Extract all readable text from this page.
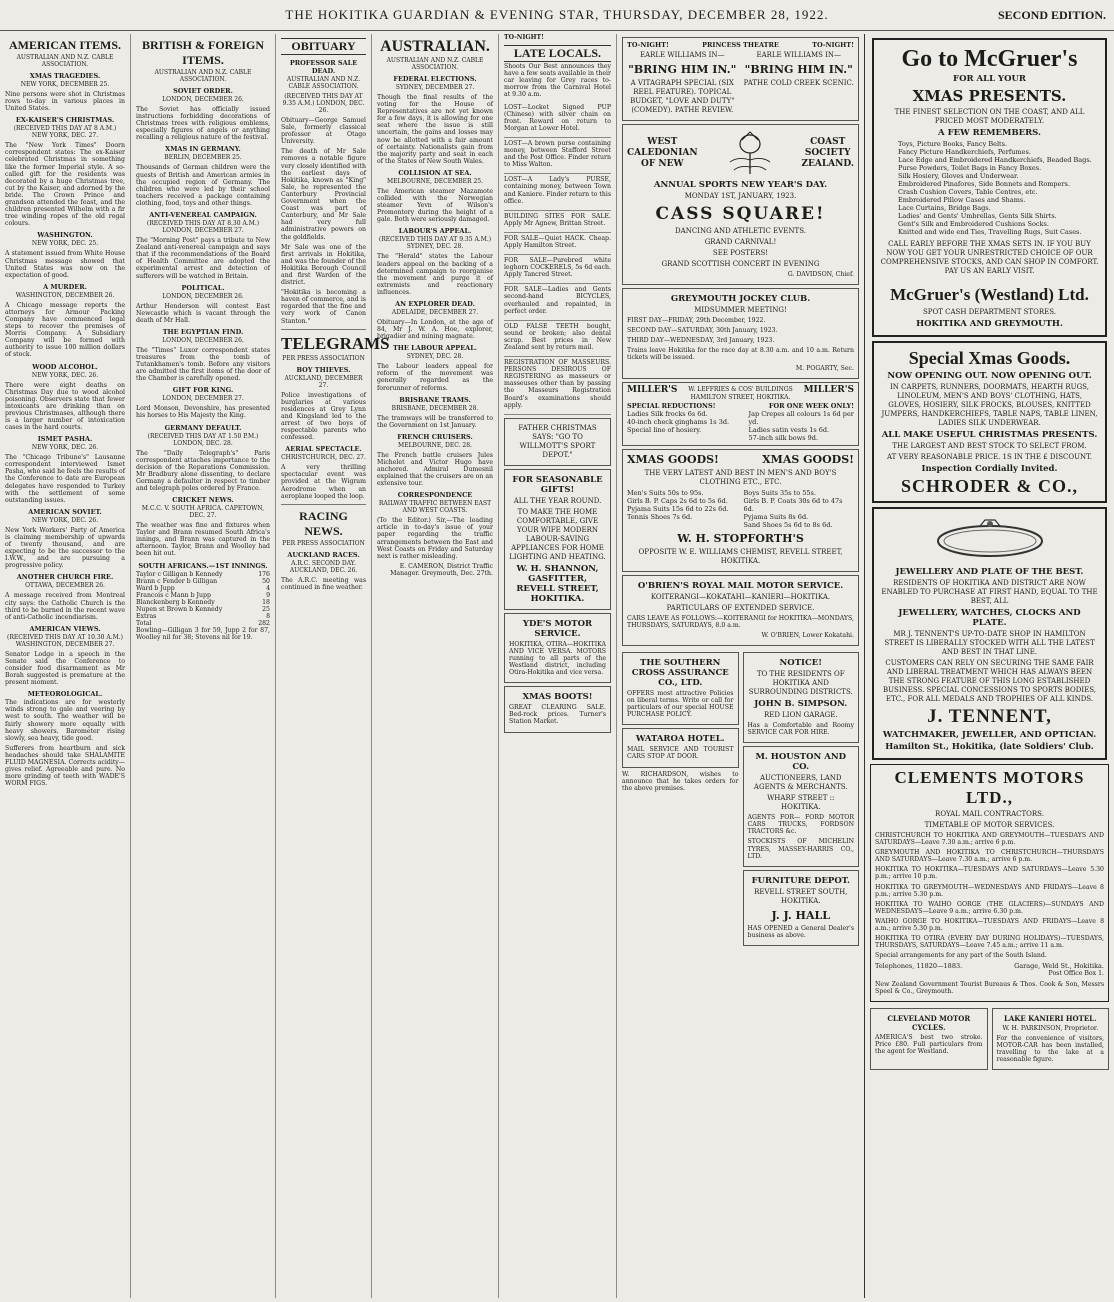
THE HOKITIKA GUARDIAN & EVENING STAR, THURSDAY, DECEMBER 28, 1922.	SECOND EDITION.
AMERICAN ITEMS.
AUSTRALIAN AND N.Z. CABLE ASSOCIATION.
XMAS TRAGEDIES.
NEW YORK, DECEMBER 25.
Nine persons were shot in Christmas rows to-day in various places in United States.
EX-KAISER'S CHRISTMAS.
(RECEIVED THIS DAY AT 8 A.M.) NEW YORK, DEC. 27.
The "New York Times" Doorn correspondent states: The ex-Kaiser celebrated Christmas in something like the former Imperial style. A so-called gift for the residents was decorated by a huge Christmas tree, cut by the Kaiser, and adorned by the bride. The Crown Prince and grandson attended the feast, and the children presented Wilhelm with a fir tree winding ropes of the old regal colours.
WASHINGTON.
NEW YORK, DEC. 25.
A statement issued from White House Christmas message showed that United States was now on the expectation of good.
A MURDER.
WASHINGTON, DECEMBER 26.
A Chicago message reports the attorneys for Armour Packing Company have commenced legal steps to recover the premises of Morris Company. A Subsidiary Company will be formed with authority to issue 100 million dollars of stock.
WOOD ALCOHOL.
NEW YORK, DEC. 26.
There were eight deaths on Christmas Day due to wood alcohol poisoning. Observers state that fewer intoxicants are drinking than on previous Christmases, although there is a larger number of intoxication cases in the hard courts.
ISMET PASHA.
NEW YORK, DEC. 26.
The "Chicago Tribune's" Lausanne correspondent interviewed Ismet Pasha, who said he feels the results of the Conference to date are European delegates have responded to Turkey with the settlement of some outstanding issues.
AMERICAN SOVIET.
NEW YORK, DEC. 26.
New York Workers' Party of America is claiming membership of upwards of twenty thousand, and are expecting to be the successor to the I.W.W., and are pursuing a progressive policy.
ANOTHER CHURCH FIRE.
OTTAWA, DECEMBER 26.
A message received from Montreal city says: the Catholic Church is the third to be burned in the recent wave of anti-Catholic incendiarism.
AMERICAN VIEWS.
(RECEIVED THIS DAY AT 10.30 A.M.) WASHINGTON, DECEMBER 27.
Senator Lodge in a speech in the Senate said the Conference to consider food disarmament as Mr Borah suggested is premature at the present moment.
METEOROLOGICAL.
The indications are for westerly winds strong to gale and veering by west to south. The weather will be fairly showery more equally with heavy showers. Barometer rising slowly, sea heavy, tide good.
Sufferers from heartburn and sick headaches should take SHALAMITE FLUID MAGNESIA. Corrects acidity—gives relief. Agreeable and pure. No more grinding of teeth with WADE'S WORM FIGS.
BRITISH & FOREIGN ITEMS.
AUSTRALIAN AND N.Z. CABLE ASSOCIATION.
SOVIET ORDER.
LONDON, DECEMBER 26.
The Soviet has officially issued instructions forbidding decorations of Christmas trees with religious emblems, especially figures of angels or anything recalling a religious nature of the festival.
XMAS IN GERMANY.
BERLIN, DECEMBER 25.
Thousands of German children were the guests of British and American armies in the occupied region of Germany. The children who were led by their school teachers received a package containing clothing, food, toys and other things.
ANTI-VENEREAL CAMPAIGN.
(RECEIVED THIS DAY AT 8.30 A.M.) LONDON, DECEMBER 27.
The "Morning Post" pays a tribute to New Zealand anti-venereal campaign and says that if the recommendations of the Board of Health Committee are adopted the experimental arrest and detection of sufferers will be watched in Britain.
POLITICAL.
LONDON, DECEMBER 26.
Arthur Henderson will contest East Newcastle which is vacant through the death of Mr Hall.
THE EGYPTIAN FIND.
LONDON, DECEMBER 26.
The "Times" Luxor correspondent states treasures from the tomb of Tutankhamen's tomb. Before any visitors are admitted the first items of the door of the Chamber is carefully opened.
GIFT FOR KING.
LONDON, DECEMBER 27.
Lord Monson, Devonshire, has presented his horses to His Majesty the King.
GERMANY DEFAULT.
(RECEIVED THIS DAY AT 1.50 P.M.) LONDON, DEC. 28.
The "Daily Telegraph's" Paris correspondent attaches importance to the decision of the Reparations Commission. Mr Bradbury alone dissenting, to declare Germany a defaulter in respect to timber and telegraph poles ordered by France.
CRICKET NEWS.
M.C.C. V. SOUTH AFRICA. CAPETOWN, DEC. 27.
The weather was fine and fixtures when Taylor and Brann resumed South Africa's innings, and Brann was captured in the afternoon. Taylor, Brann and Woolley had been hit out.
SOUTH AFRICANS.—1ST INNINGS.
Taylor c Gilligan b Kennedy	176
Brann c Fender b Gilligan	50
Ward b Jupp	4
Francois c Mann b Jupp	9
Blanckenberg b Kennedy	18
Nupen st Brown b Kennedy	25
Extras	8
Total	282
Bowling—Gilligan 3 for 59, Jupp 2 for 87, Woolley nil for 38; Stevens nil for 19.
OBITUARY
PROFESSOR SALE DEAD.
AUSTRALIAN AND N.Z. CABLE ASSOCIATION.
(RECEIVED THIS DAY AT 9.35 A.M.) LONDON, DEC. 26.
Obituary—George Samuel Sale, formerly classical professor at Otago University.
The death of Mr Sale removes a notable figure very closely identified with the earliest days of Hokitika, known as "King" Sale, he represented the Canterbury Provincial Government when the Coast was part of Canterbury, and Mr Sale had very full administrative powers on the goldfields.
Mr Sale was one of the first arrivals in Hokitika, and was the founder of the Hokitika Borough Council and first Warden of the district.
"Hokitika is becoming a haven of commerce, and is regarded that the fine and very work of Canon Stanton."
TELEGRAMS
PER PRESS ASSOCIATION
BOY THIEVES.
AUCKLAND, DECEMBER 27.
Police investigations of burglaries at various residences at Grey Lynn and Kingsland led to the arrest of two boys of respectable parents who confessed.
AERIAL SPECTACLE.
CHRISTCHURCH, DEC. 27.
A very thrilling spectacular event was provided at the Wigram Aerodrome when an aeroplane looped the loop.
RACING NEWS.
PER PRESS ASSOCIATION
AUCKLAND RACES.
A.R.C. SECOND DAY. AUCKLAND, DEC. 26.
The A.R.C. meeting was continued in fine weather.
AUSTRALIAN.
AUSTRALIAN AND N.Z. CABLE ASSOCIATION.
FEDERAL ELECTIONS.
SYDNEY, DECEMBER 27.
Though the final results of the voting for the House of Representatives are not yet known for a few days, it is allowing for one seat where the issue is still uncertain, the gains and losses may now be allotted with a fair amount of certainty. Nationalists gain from the majority party and seat in each of the States of New South Wales.
COLLISION AT SEA.
MELBOURNE, DECEMBER 25.
The American steamer Mazamote collided with the Norwegian steamer Yevn of Wilson's Promontory during the height of a gale. Both were seriously damaged.
LABOUR'S APPEAL.
(RECEIVED THIS DAY AT 9.35 A.M.) SYDNEY, DEC. 28.
The "Herald" states the Labour leaders appeal on the backing of a determined campaign to reorganise the movement and purge it of extremists and reactionary influences.
AN EXPLORER DEAD.
ADELAIDE, DECEMBER 27.
Obituary—In London, at the age of 84, Mr J. W. A. Hoe, explorer, brigadier and mining magnate.
THE LABOUR APPEAL.
SYDNEY, DEC. 28.
The Labour leaders appeal for reform of the movement was generally regarded as the forerunner of reforms.
BRISBANE TRAMS.
BRISBANE, DECEMBER 28.
The tramways will be transferred to the Government on 1st January.
FRENCH CRUISERS.
MELBOURNE, DEC. 28.
The French battle cruisers Jules Michelet and Victor Hugo have anchored. Admiral Dumesnil explained that the cruisers are on an extensive tour.
CORRESPONDENCE
RAILWAY TRAFFIC BETWEEN EAST AND WEST COASTS.
(To the Editor.) Sir,—The leading article in to-day's issue of your paper regarding the traffic arrangements between the East and West Coasts on Friday and Saturday next is rather misleading.
E. CAMERON, District Traffic Manager. Greymouth, Dec. 27th.
TO-NIGHT!
LATE LOCALS.
Shoots Our Best announces they have a few seats available in their car leaving for Grey races to-morrow from the Carnival Hotel at 9.30 a.m.
LOST—Locket Signed PUP (Chinese) with silver chain on front. Reward on return to Morgan at Lower Hotel.
LOST—A brown purse containing money, between Stafford Street and the Post Office. Finder return to Miss Walton.
LOST—A Lady's PURSE, containing money, between Town and Kaniere. Finder return to this office.
BUILDING SITES FOR SALE. Apply Mr Agnew, Brittan Street.
FOR SALE—Quiet HACK. Cheap. Apply Hamilton Street.
FOR SALE—Purebred white leghorn COCKERELS, 5s 6d each. Apply Tancred Street.
FOR SALE—Ladies and Gents second-hand BICYCLES, overhauled and repainted, in perfect order.
OLD FALSE TEETH bought, sound or broken; also dental scrap. Best prices in New Zealand sent by return mail.
REGISTRATION OF MASSEURS. PERSONS DESIROUS OF REGISTERING as masseurs or masseuses other than by passing the Masseurs Registration Board's examinations should apply.
FATHER CHRISTMAS SAYS: "GO TO WILLMOTT'S SPORT DEPOT."
FOR SEASONABLE GIFTS!
ALL THE YEAR ROUND.
TO MAKE THE HOME COMFORTABLE, GIVE YOUR WIFE MODERN LABOUR-SAVING APPLIANCES FOR HOME LIGHTING AND HEATING.
W. H. SHANNON, GASFITTER, REVELL STREET, HOKITIKA.
YDE'S MOTOR SERVICE.
HOKITIKA, OTIRA—HOKITIKA AND VICE VERSA. MOTORS running to all parts of the Westland district, including Otira-Hokitika and vice versa.
XMAS BOOTS!
GREAT CLEARING SALE. Bed-rock prices. Turner's Station Market.
TO-NIGHT!	PRINCESS THEATRE	TO-NIGHT!
EARLE WILLIAMS IN—
"BRING HIM IN."
A VITAGRAPH SPECIAL (SIX REEL FEATURE). TOPICAL BUDGET, "LOVE AND DUTY" (COMEDY). PATHE REVIEW.
EARLE WILLIAMS IN—
"BRING HIM IN."
PATHE COLD CREEK SCENIC.
WEST
CALEDONIAN
OF NEW
COAST
SOCIETY
ZEALAND.
ANNUAL SPORTS NEW YEAR'S DAY.
MONDAY 1ST, JANUARY, 1923.
CASS SQUARE!
DANCING AND ATHLETIC EVENTS.
GRAND CARNIVAL!
SEE POSTERS!
GRAND SCOTTISH CONCERT IN EVENING
G. DAVIDSON, Chief.
GREYMOUTH JOCKEY CLUB.
MIDSUMMER MEETING!
FIRST DAY—FRIDAY, 29th December, 1922.
SECOND DAY—SATURDAY, 30th January, 1923.
THIRD DAY—WEDNESDAY, 3rd January, 1923.
Trains leave Hokitika for the race day at 8.30 a.m. and 10 a.m. Return tickets will be issued.
M. POGARTY, Sec.
MILLER'S	W. LEFFRIES & COS' BUILDINGS HAMILTON STREET, HOKITIKA.
MILLER'S
SPECIAL REDUCTIONS!	FOR ONE WEEK ONLY!
Ladies Silk frocks 6s 6d.
40-inch check ginghams 1s 3d.
Special line of hosiery.
Jap Crepes all colours 1s 6d per yd.
Ladies satin vests 1s 6d.
57-inch silk bows 9d.
XMAS GOODS!	XMAS GOODS!
THE VERY LATEST AND BEST IN MEN'S AND BOY'S CLOTHING ETC., ETC.
Men's Suits 50s to 95s.
Girls B. P. Caps 2s 6d to 5s 6d.
Pyjama Suits 15s 6d to 22s 6d.
Tennis Shoes 7s 6d.
Boys Suits 35s to 55s.
Girls B. P. Coats 30s 6d to 47s 6d.
Pyjama Suits 8s 6d.
Sand Shoes 5s 6d to 8s 6d.
W. H. STOPFORTH'S
OPPOSITE W. E. WILLIAMS CHEMIST, REVELL STREET, HOKITIKA.
O'BRIEN'S ROYAL MAIL MOTOR SERVICE.
KOITERANGI—KOKATAHI—KANIERI—HOKITIKA.
PARTICULARS OF EXTENDED SERVICE.
CARS LEAVE AS FOLLOWS:—KOITERANGI for HOKITIKA—MONDAYS, THURSDAYS, SATURDAYS, 8.0 a.m.
W. O'BRIEN, Lower Kokatahi.
THE SOUTHERN CROSS ASSURANCE CO., LTD.
OFFERS most attractive Policies on liberal terms. Write or call for particulars of our special HOUSE PURCHASE POLICY.
WATAROA HOTEL.
MAIL SERVICE AND TOURIST CARS STOP AT DOOR.
W. RICHARDSON, wishes to announce that he takes orders for the above premises.
NOTICE!
TO THE RESIDENTS OF HOKITIKA AND SURROUNDING DISTRICTS.
JOHN B. SIMPSON.
RED LION GARAGE.
Has a Comfortable and Roomy SERVICE CAR FOR HIRE.
M. HOUSTON AND CO.
AUCTIONEERS, LAND AGENTS & MERCHANTS.
WHARF STREET :: HOKITIKA.
AGENTS FOR— FORD MOTOR CARS TRUCKS, FORDSON TRACTORS &c.
STOCKISTS OF MICHELIN TYRES, MASSEY-HARRIS CO., LTD.
FURNITURE DEPOT.
REVELL STREET SOUTH, HOKITIKA.
J. J. HALL
HAS OPENED a General Dealer's business as above.
Go to McGruer's
FOR ALL YOUR
XMAS PRESENTS.
THE FINEST SELECTION ON THE COAST, AND ALL PRICED MOST MODERATELY.
A FEW REMEMBERS.
Toys, Picture Books, Fancy Belts.
Fancy Picture Handkerchiefs, Perfumes.
Lace Edge and Embroidered Handkerchiefs, Beaded Bags.
Purse Powders, Toilet Bags in Fancy Boxes.
Silk Hosiery, Gloves and Underwear.
Embroidered Pinafores, Side Bonnets and Rompers.
Crash Cushion Covers, Table Centres, etc.
Embroidered Pillow Cases and Shams.
Lace Curtains, Bridge Bags.
Ladies' and Gents' Umbrellas, Gents Silk Shirts.
Gent's Silk and Embroidered Cushions Socks.
Knitted and wide end Ties, Travelling Rugs, Suit Cases.
CALL EARLY BEFORE THE XMAS SETS IN. IF YOU BUY NOW YOU GET YOUR UNRESTRICTED CHOICE OF OUR COMPREHENSIVE STOCKS, AND CAN SHOP IN COMFORT. PAY US AN EARLY VISIT.
McGruer's (Westland) Ltd.
SPOT CASH DEPARTMENT STORES.
HOKITIKA AND GREYMOUTH.
Special Xmas Goods.
NOW OPENING OUT. NOW OPENING OUT.
IN CARPETS, RUNNERS, DOORMATS, HEARTH RUGS, LINOLEUM, MEN'S AND BOYS' CLOTHING, HATS, GLOVES, HOSIERY, SILK FROCKS, BLOUSES, KNITTED JUMPERS, HANDKERCHIEFS, TABLE NAPS, TABLE LINEN, LADIES SILK UNDERWEAR.
ALL MAKE USEFUL CHRISTMAS PRESENTS.
THE LARGEST AND BEST STOCK TO SELECT FROM.
AT VERY REASONABLE PRICE. 1S IN THE £ DISCOUNT.
Inspection Cordially Invited.
SCHRODER & CO.,
JEWELLERY AND PLATE OF THE BEST.
RESIDENTS OF HOKITIKA AND DISTRICT ARE NOW ENABLED TO PURCHASE AT FIRST HAND, EQUAL TO THE BEST, ALL
JEWELLERY, WATCHES, CLOCKS AND PLATE.
MR J. TENNENT'S UP-TO-DATE SHOP IN HAMILTON STREET IS LIBERALLY STOCKED WITH ALL THE LATEST AND BEST IN THAT LINE.
CUSTOMERS CAN RELY ON SECURING THE SAME FAIR AND LIBERAL TREATMENT WHICH HAS ALWAYS BEEN THE STRONG FEATURE OF THIS LONG ESTABLISHED BUSINESS. SPECIAL CONCESSIONS TO SPORTS BODIES, ETC., FOR ALL MEDALS AND TROPHIES OF ALL KINDS.
J. TENNENT,
WATCHMAKER, JEWELLER, AND OPTICIAN.
Hamilton St., Hokitika, (late Soldiers' Club.
CLEMENTS MOTORS LTD.,
ROYAL MAIL CONTRACTORS.
TIMETABLE OF MOTOR SERVICES.
CHRISTCHURCH TO HOKITIKA AND GREYMOUTH—TUESDAYS AND SATURDAYS—Leave 7.30 a.m.; arrive 6 p.m.
GREYMOUTH AND HOKITIKA TO CHRISTCHURCH—THURSDAYS AND SATURDAYS—Leave 7.30 a.m.; arrive 6 p.m.
HOKITIKA TO HOKITIKA—TUESDAYS AND SATURDAYS—Leave 5.30 p.m.; arrive 10 p.m.
HOKITIKA TO GREYMOUTH—WEDNESDAYS AND FRIDAYS—Leave 8 p.m.; arrive 5.30 p.m.
HOKITIKA TO WAIHO GORGE (THE GLACIERS)—SUNDAYS AND WEDNESDAYS—Leave 9 a.m.; arrive 6.30 p.m.
WAIHO GORGE TO HOKITIKA—TUESDAYS AND FRIDAYS—Leave 8 a.m.; arrive 5.30 p.m.
HOKITIKA TO OTIRA (EVERY DAY DURING HOLIDAYS)—TUESDAYS, THURSDAYS, SATURDAYS—Leave 7.45 a.m.; arrive 11 a.m.
Special arrangements for any part of the South Island.
Telephones, 11820—1883.	Garage, Weld St., Hokitika.
Post Office Box 1.
New Zealand Government Tourist Bureaus & Thos. Cook & Son, Messrs Speel & Co., Greymouth.
CLEVELAND MOTOR CYCLES.
AMERICA'S best two stroke. Price £80. Full particulars from the agent for Westland.
LAKE KANIERI HOTEL.
W. H. PARKINSON, Proprietor.
For the convenience of visitors, MOTOR-CAR has been installed, travelling to the lake at a reasonable figure.
